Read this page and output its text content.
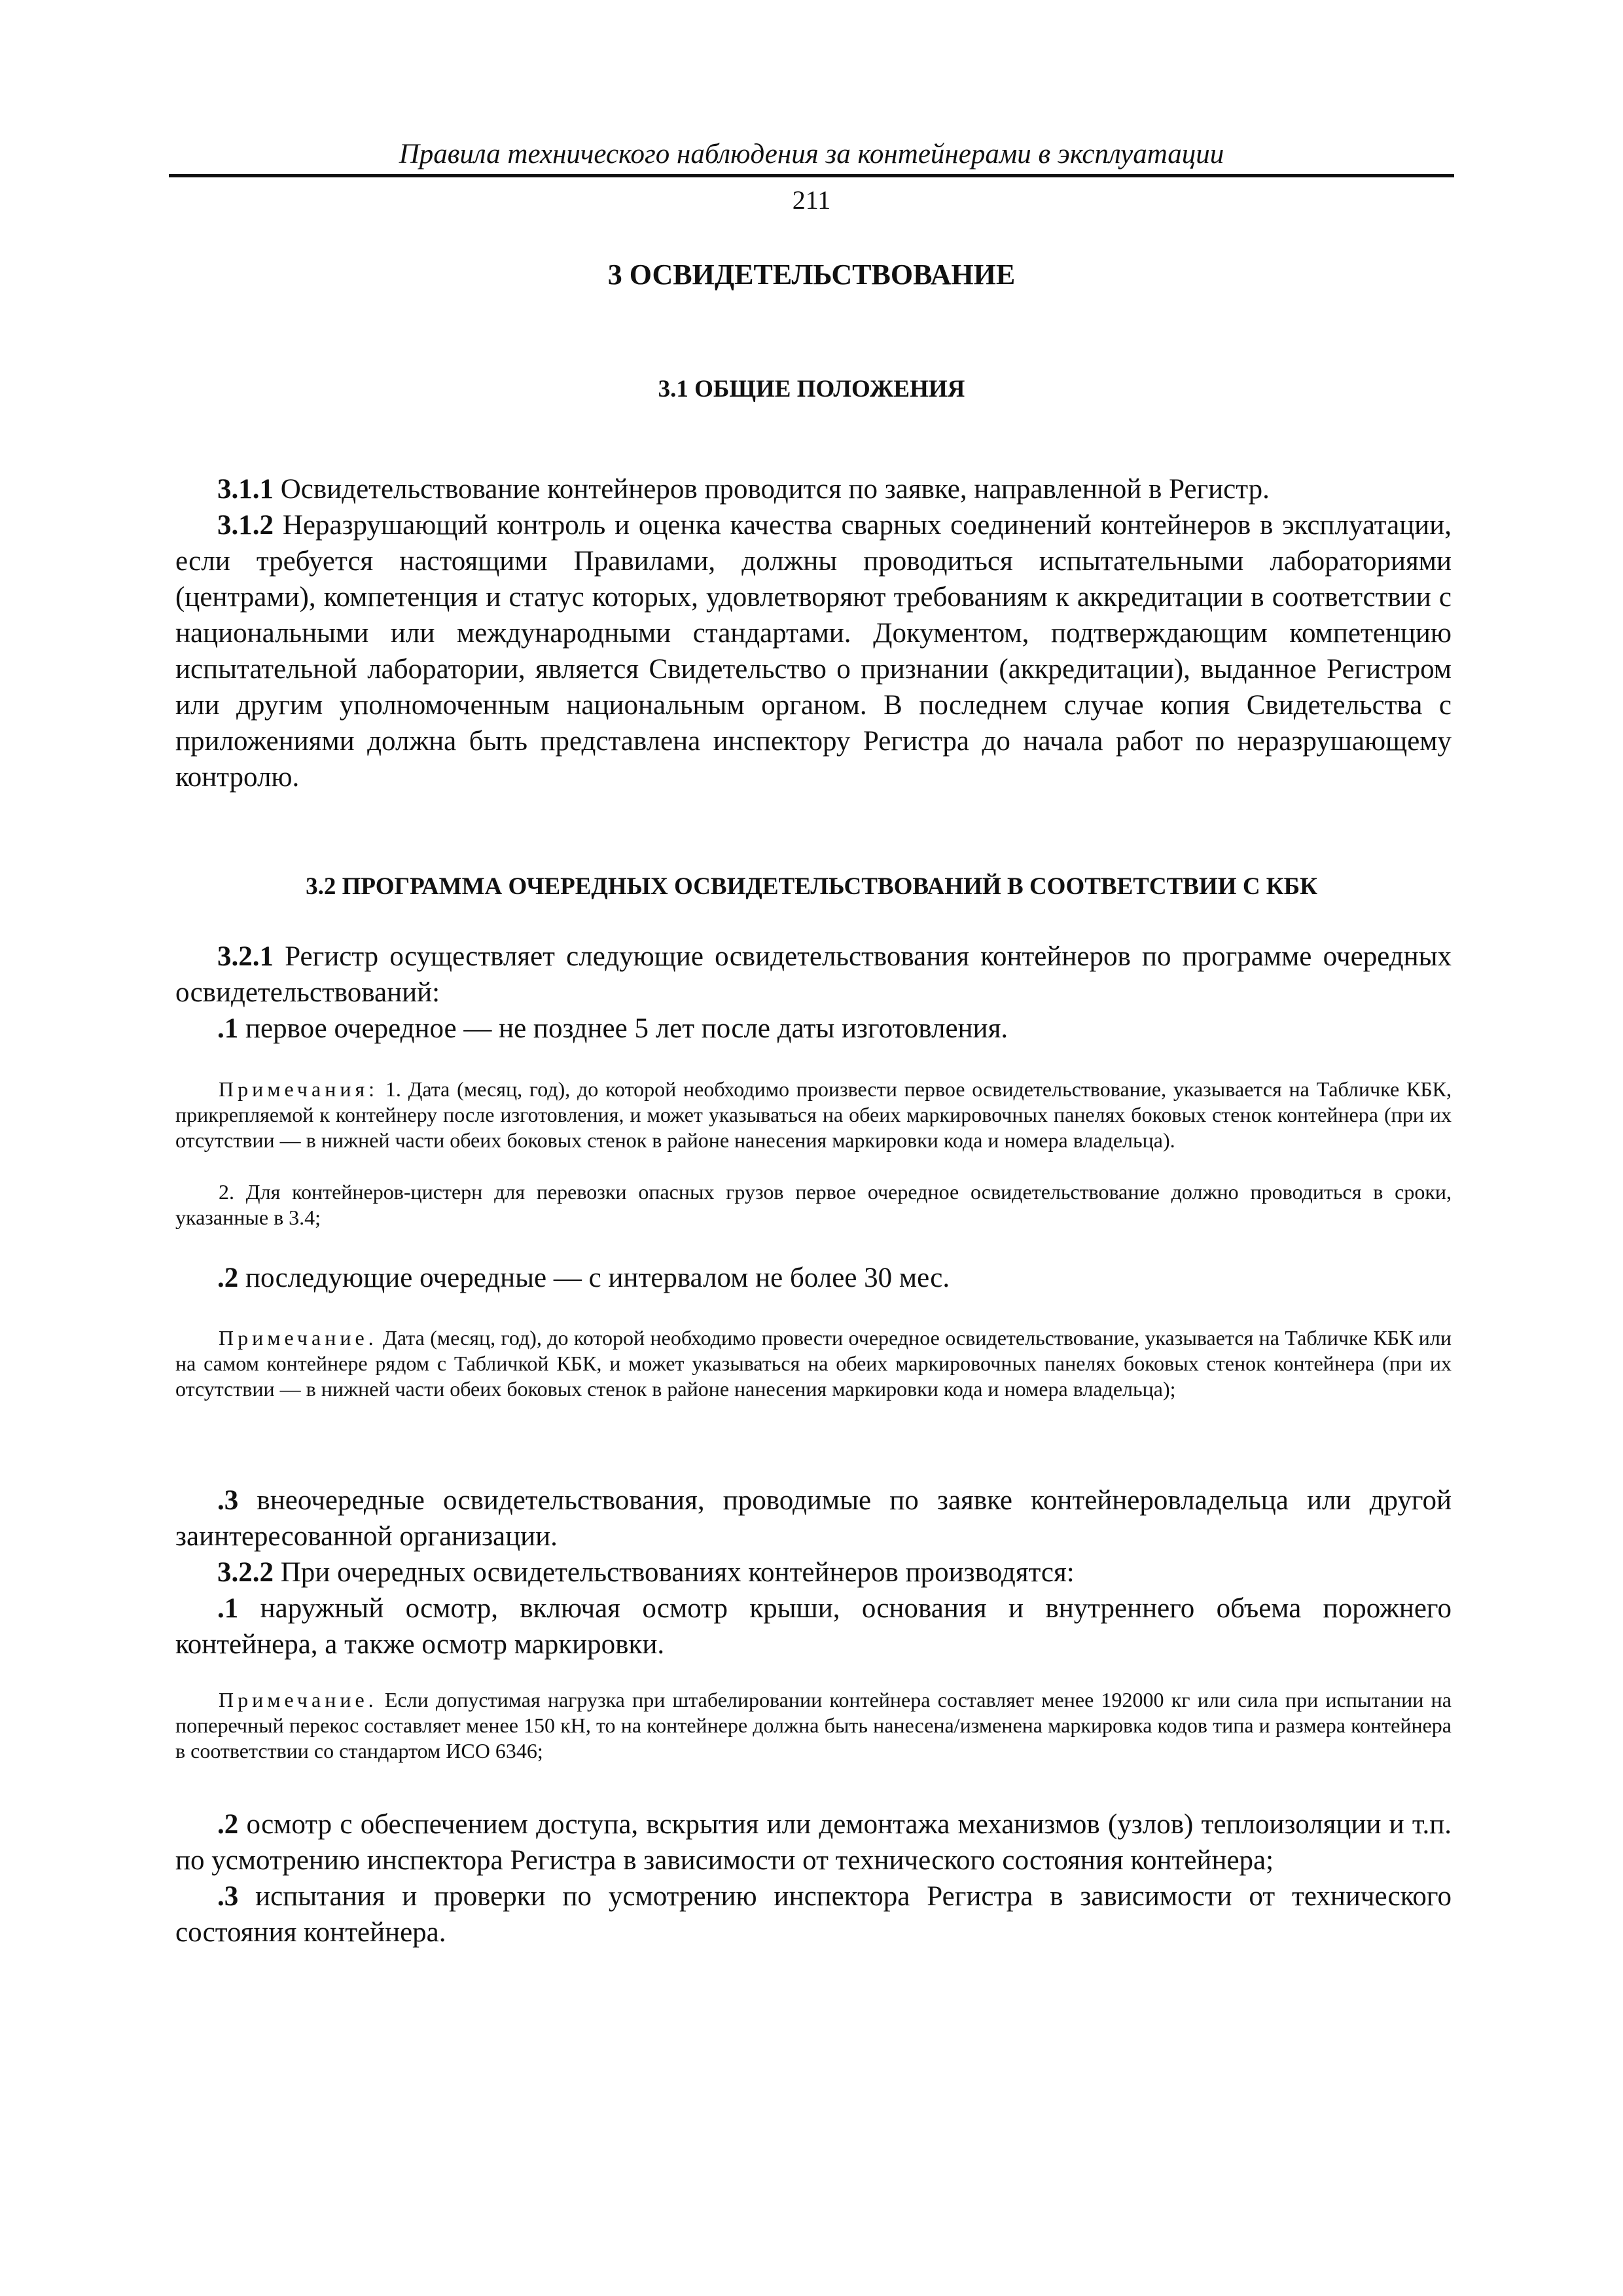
Правила технического наблюдения за контейнерами в эксплуатации
211
3 ОСВИДЕТЕЛЬСТВОВАНИЕ
3.1 ОБЩИЕ ПОЛОЖЕНИЯ
3.1.1 Освидетельствование контейнеров проводится по заявке, направленной в Регистр.
3.1.2 Неразрушающий контроль и оценка качества сварных соединений контейнеров в эксплуатации, если требуется настоящими Правилами, должны проводиться испытательными лабораториями (центрами), компетенция и статус которых, удовлетворяют требованиям к аккредитации в соответствии с национальными или международными стандартами. Документом, подтверждающим компетенцию испытательной лаборатории, является Свидетельство о признании (аккредитации), выданное Регистром или другим уполномоченным национальным органом. В последнем случае копия Свидетельства с приложениями должна быть представлена инспектору Регистра до начала работ по неразрушающему контролю.
3.2 ПРОГРАММА ОЧЕРЕДНЫХ ОСВИДЕТЕЛЬСТВОВАНИЙ В СООТВЕТСТВИИ С КБК
3.2.1 Регистр осуществляет следующие освидетельствования контейнеров по программе очередных освидетельствований:
.1 первое очередное — не позднее 5 лет после даты изготовления.
Примечания: 1. Дата (месяц, год), до которой необходимо произвести первое освидетельствование, указывается на Табличке КБК, прикрепляемой к контейнеру после изготовления, и может указываться на обеих маркировочных панелях боковых стенок контейнера (при их отсутствии — в нижней части обеих боковых стенок в районе нанесения маркировки кода и номера владельца).
2. Для контейнеров-цистерн для перевозки опасных грузов первое очередное освидетельствование должно проводиться в сроки, указанные в 3.4;
.2 последующие очередные — с интервалом не более 30 мес.
Примечание. Дата (месяц, год), до которой необходимо провести очередное освидетельствование, указывается на Табличке КБК или на самом контейнере рядом с Табличкой КБК, и может указываться на обеих маркировочных панелях боковых стенок контейнера (при их отсутствии — в нижней части обеих боковых стенок в районе нанесения маркировки кода и номера владельца);
.3 внеочередные освидетельствования, проводимые по заявке контейнеровладельца или другой заинтересованной организации.
3.2.2 При очередных освидетельствованиях контейнеров производятся:
.1 наружный осмотр, включая осмотр крыши, основания и внутреннего объема порожнего контейнера, а также осмотр маркировки.
Примечание. Если допустимая нагрузка при штабелировании контейнера составляет менее 192000 кг или сила при испытании на поперечный перекос составляет менее 150 кН, то на контейнере должна быть нанесена/изменена маркировка кодов типа и размера контейнера в соответствии со стандартом ИСО 6346;
.2 осмотр с обеспечением доступа, вскрытия или демонтажа механизмов (узлов) теплоизоляции и т.п. по усмотрению инспектора Регистра в зависимости от технического состояния контейнера;
.3 испытания и проверки по усмотрению инспектора Регистра в зависимости от технического состояния контейнера.
